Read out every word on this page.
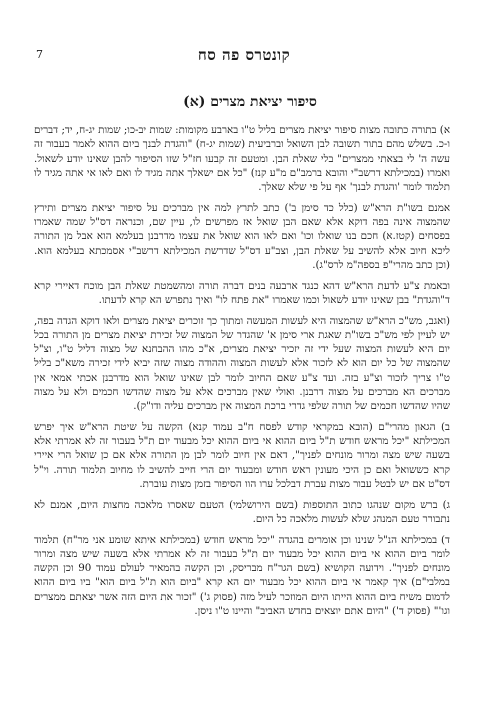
קונטרס פה סח
7
סיפור יציאת מצרים (א)

א) בתורה כתובה מצות סיפור יציאת מצרים בליל ט"ו בארבע מקומות: שמות יב-כו; שמות יג-ח, יד; דברים ו-כ. בשלש מהם בתור תשובה לבן השואל וברביעית (שמות יג-ח) "והגדת לבנך ביום ההוא לאמר בעבור זה עשה ה' לי בצאתי ממצרים" בלי שאלת הבן. ומטעם זה קבעו חז"ל שזו הסיפור להבן שאינו יודע לשאול. ואמרו (במכילתא דרשב"י והובא ברמב"ם מ"ע קנז) "כל אם ישאלך אתה מגיד לו ואם לאו אי אתה מגיד לו תלמוד לומר 'והגדת לבנך' אף על פי שלא שאלך.

אמנם בשו"ת הרא"ש (כלל כד סימן ב') כתב לתרץ למה אין מברכים על סיפור יציאת מצרים ותירץ שהמצוה אינה בפה דוקא אלא שאם הבן שואל אז מפרשים לו, עיין שם, וכנראה דס"ל שמה שאמרו בפסחים (קטז.א) חכם בנו שואלו וכו' ואם לאו הוא שואל את עצמו מדרבנן בעלמא הוא אבל מן התורה ליכא חיוב אלא להשיב על שאלת הבן, וצב"ע דס"ל שדרשת המכילתא דרשב"י אסמכתא בעלמא הוא. (וכן כתב מהרי"פ בספה"מ לרס"ג).

ובאמת צ"ע לדעת הרא"ש דהא כנגד ארבעה בנים דברה תורה ומהשמטת שאלת הבן מוכח דאיירי קרא ד"והגדת" בבן שאינו יודע לשאול וכמו שאמרו "את פתח לו" ואיך נתפרש הא קרא לדעתו.

(ואגב, מש"כ הרא"ש שהמצוה היא לעשות המעשה ומתוך כך זוכרים יציאת מצרים ולאו דוקא הגדה בפה, יש לעיין לפי מש"כ בשו"ת שאגת ארי סימן א' שהגדר של המצוה של זכירת יציאת מצרים מן התורה בכל יום היא לעשות המצוה שעל ידי זה יזכיר יציאת מצרים, א"כ מהו ההבחנא של מצוה דליל ט"ו, וצ"ל שהמצוה של כל יום הוא לא לזכור אלא לעשות המצוה וההודה מצוה שזה יביא לידי זכירה משא"כ בליל ט"ו צריך לזכור וצ"ע בזה. ועד צ"ע שאם החיוב לומר לבן שאינו שואל הוא מדרבנן אכתי אמאי אין מברכים הא מברכים על מצוה דרבנן. ואולי שאין מברכים אלא על מצוה שהדשו חכמים ולא על מצוה שהיו שהדשו חכמים של תורה שלפי גדרי ברכת המצוה אין מברכים עליה ודו"ק).

ב) הגאון מהרי"ם (הובא במקראי קודש לפסח ח"ב עמוד קנא) הקשה על שיטת הרא"ש איך יפרש המכילתא "יכל מראש חודש ת"ל ביום ההוא אי ביום ההוא יכל מבעוד יום ת"ל בעבור זה לא אמרתי אלא בשעה שיש מצה ומרור מונחים לפניך", דאם אין חיוב לומר לבן מן התורה אלא אם כן שואל הרי איירי קרא כששואל ואם כן היכי מעונין ראש חודש ומבעוד יום הרי חייב להשיב לו מחיוב תלמוד תורה. וי"ל דס"ט אם יש לבטל עבור מצות עברת דבלכל ערו הוו הסיפור בזמן מצות עוברת.

ג) ברש מקום שנהגו כתוב התוספות (בשם הירושלמי) הטעם שאסרו מלאכה מחצות היום, אמנם לא נתבורר טעם המנהג שלא לעשות מלאכה כל היום.

ד) במכילתא הנ"ל שנינו וכן אומרים בהגדה "יכל מראש חודש (במכילתא איתא שומע אני מר"ח) תלמוד לומר ביום ההוא אי ביום ההוא יכל מבעוד יום ת"ל בעבור זה לא אמרתי אלא בשעה שיש מצה ומרור מונחים לפניך". וידועה הקושיא (בשם הגר"ח מבריסק, וכן הקשה בהמאיר לעולם עמוד 90 וכן הקשה במלבי"ם) איך קאמר אי ביום ההוא יכל מבעוד יום הא קרא "ביום הוא ת"ל ביום הוא" ביו ביום ההוא לדמום משיח ביום ההוא הייתו היום המוזכר לעיל מזה (פסוק ג') "זכור את היום הזה אשר יצאתם ממצרים וגו'" (פסוק ד') "היום אתם יוצאים בחדש האביב" והיינו ט"ו ניסן.
